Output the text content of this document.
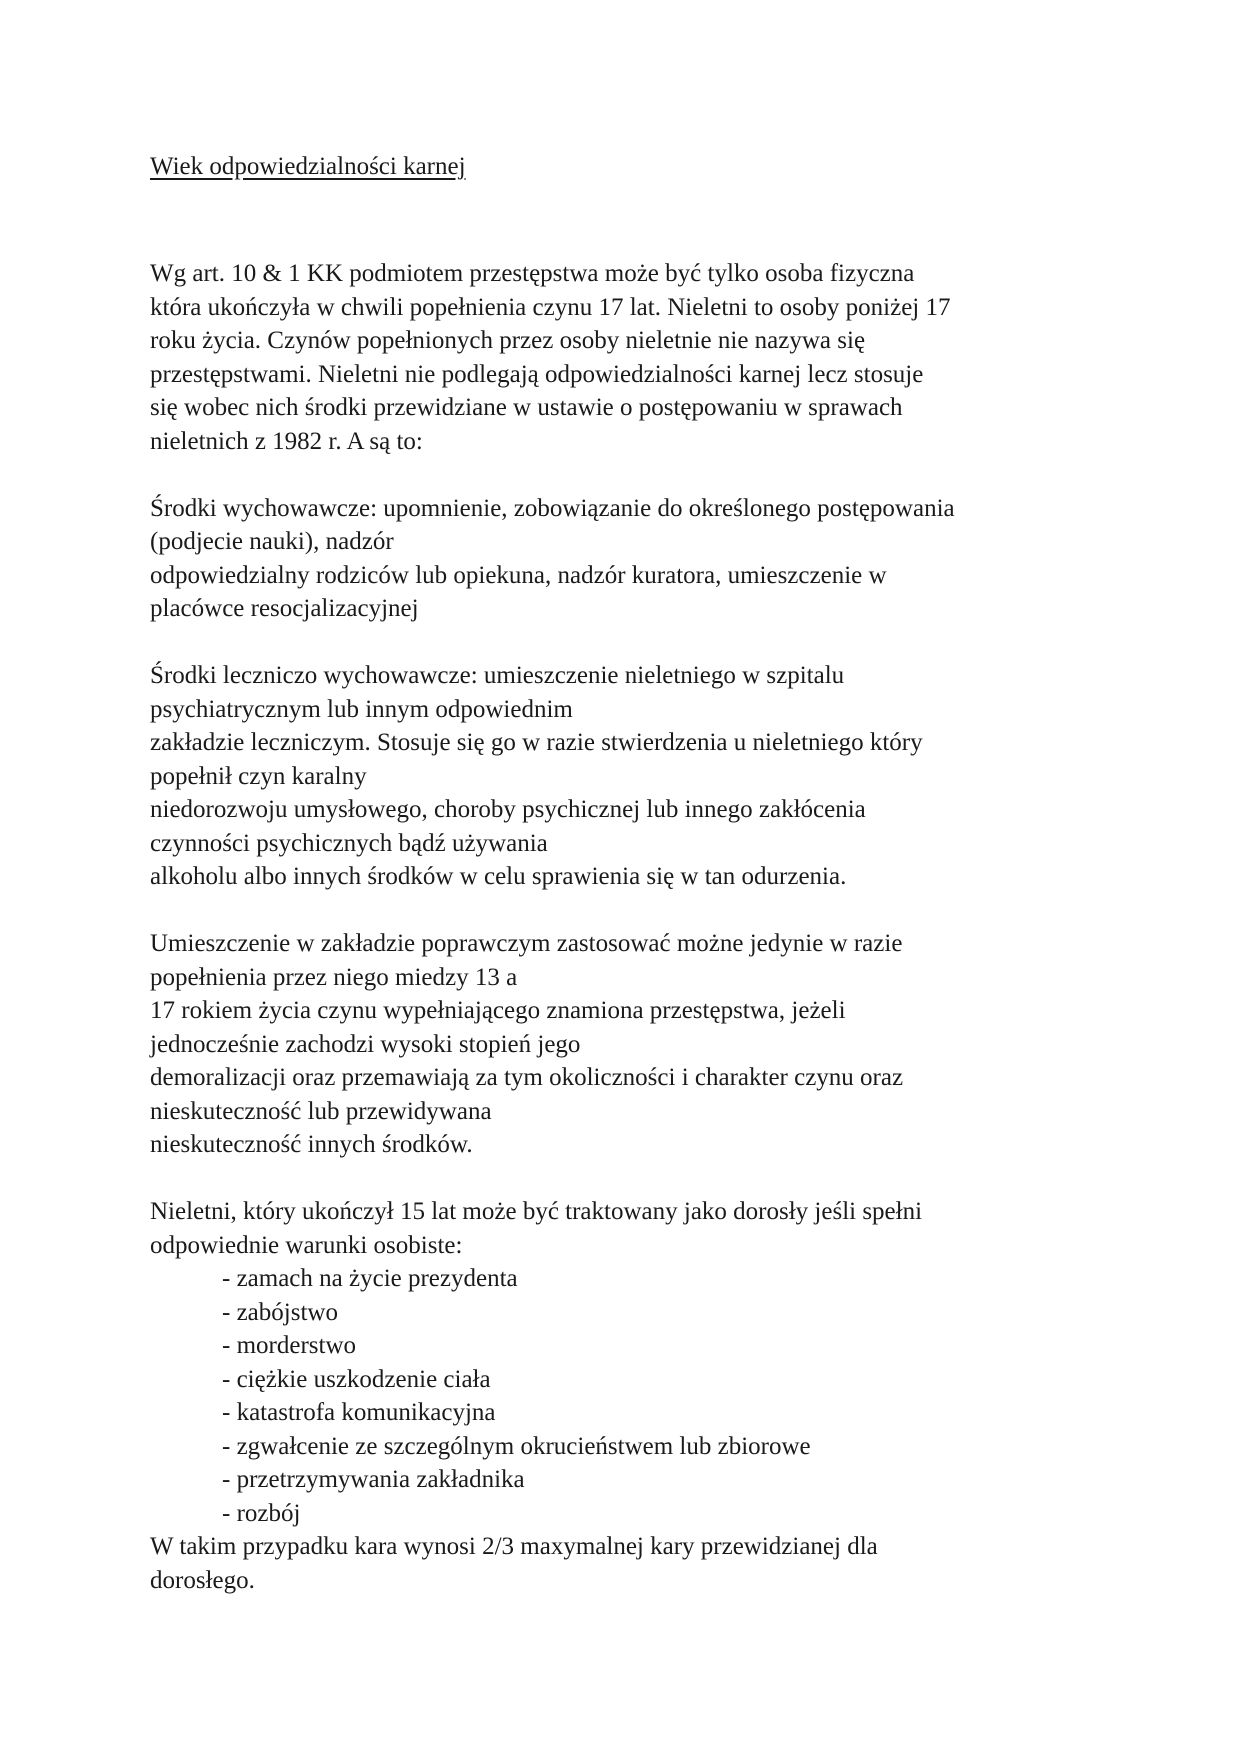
Wiek odpowiedzialności karnej
Wg art. 10 & 1 KK podmiotem przestępstwa może być tylko osoba fizyczna
która ukończyła w chwili popełnienia czynu 17 lat. Nieletni to osoby poniżej 17
roku życia. Czynów popełnionych przez osoby nieletnie nie nazywa się
przestępstwami. Nieletni nie podlegają odpowiedzialności karnej lecz stosuje
się wobec nich środki przewidziane w ustawie o postępowaniu w sprawach
nieletnich z 1982 r. A są to:
Środki wychowawcze: upomnienie, zobowiązanie do określonego postępowania
(podjecie nauki), nadzór
odpowiedzialny rodziców lub opiekuna, nadzór kuratora, umieszczenie w
placówce resocjalizacyjnej
Środki leczniczo wychowawcze: umieszczenie nieletniego w szpitalu
psychiatrycznym lub innym odpowiednim
zakładzie leczniczym. Stosuje się go w razie stwierdzenia u nieletniego który
popełnił czyn karalny
niedorozwoju umysłowego, choroby psychicznej lub innego zakłócenia
czynności psychicznych bądź używania
alkoholu albo innych środków w celu sprawienia się w tan odurzenia.
Umieszczenie w zakładzie poprawczym zastosować możne jedynie w razie
popełnienia przez niego miedzy 13 a
17 rokiem życia czynu wypełniającego znamiona przestępstwa, jeżeli
jednocześnie zachodzi wysoki stopień jego
demoralizacji oraz przemawiają za tym okoliczności i charakter czynu oraz
nieskuteczność lub przewidywana
nieskuteczność innych środków.
Nieletni, który ukończył 15 lat może być traktowany jako dorosły jeśli spełni
odpowiednie warunki osobiste:
- zamach na życie prezydenta
- zabójstwo
- morderstwo
- ciężkie uszkodzenie ciała
- katastrofa komunikacyjna
- zgwałcenie ze szczególnym okrucieństwem lub zbiorowe
- przetrzymywania zakładnika
- rozbój
W takim przypadku kara wynosi 2/3 maxymalnej kary przewidzianej dla
dorosłego.
